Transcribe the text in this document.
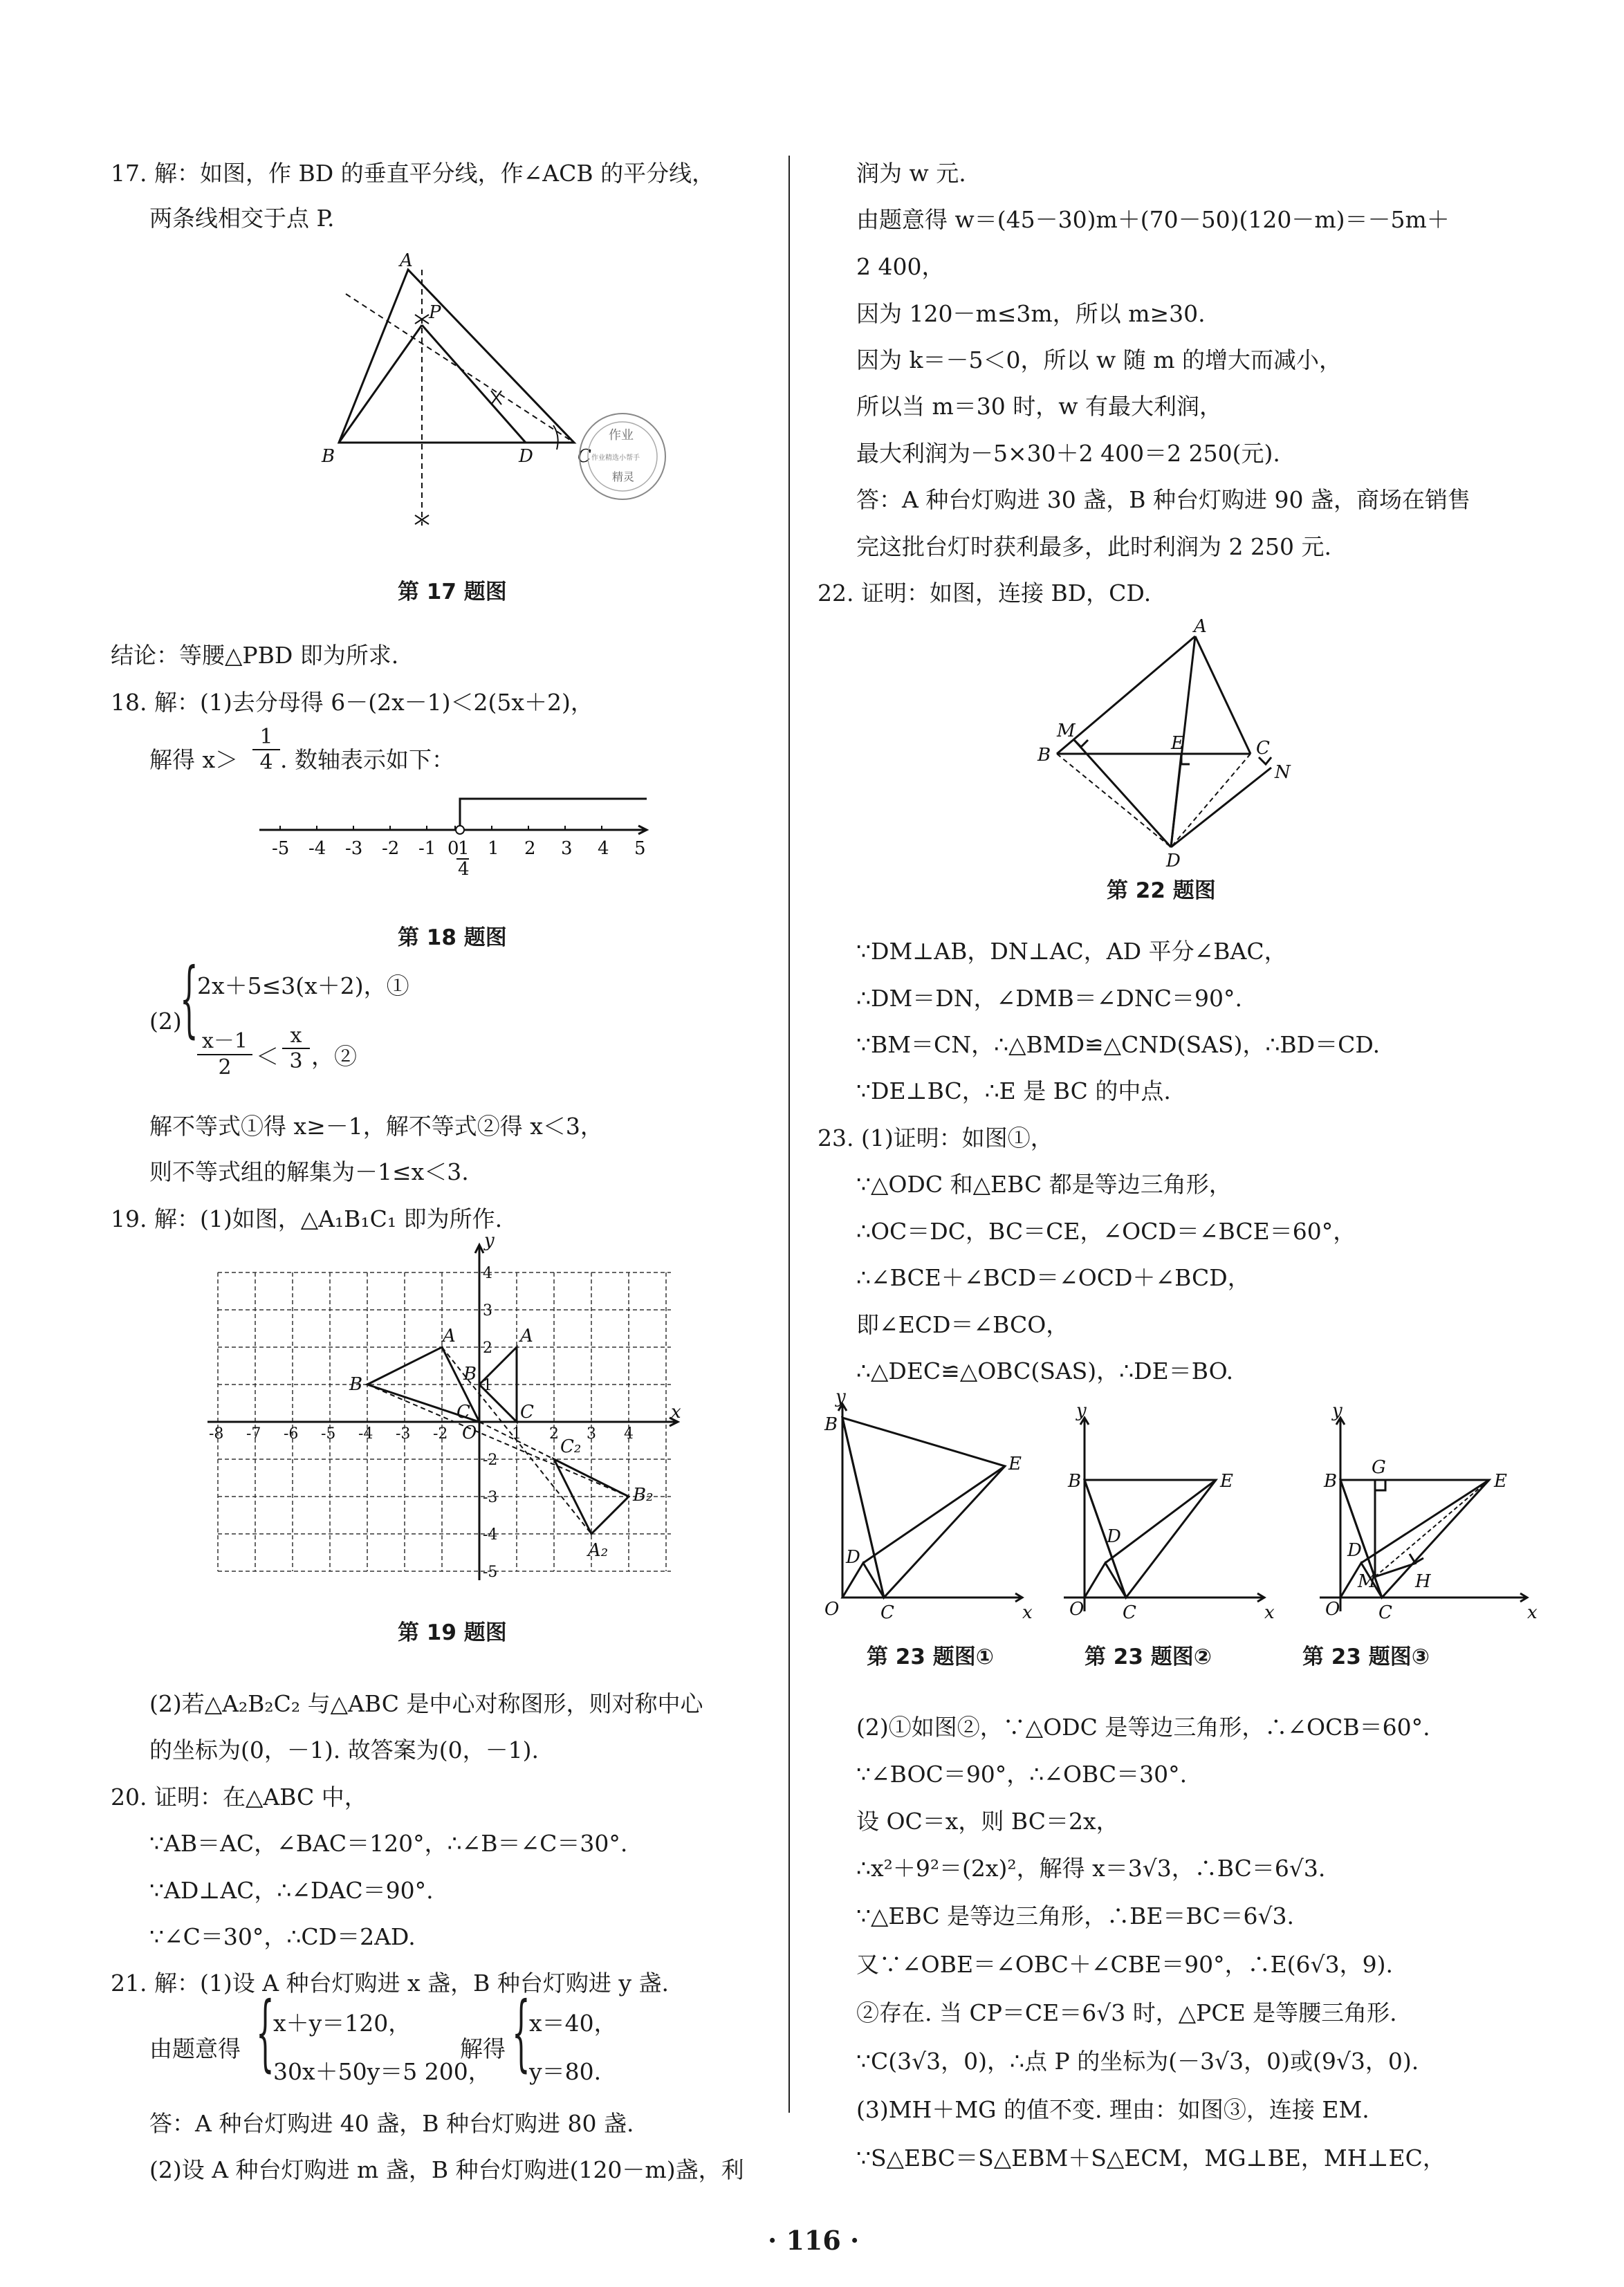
17. 解：如图，作 BD 的垂直平分线，作∠ACB 的平分线，
两条线相交于点 P.
A
B	C
D
P
作业
作业精选小帮手
精灵
第 17 题图
结论：等腰△PBD 即为所求.
18. 解：(1)去分母得 6－(2x－1)＜2(5x＋2)，
解得 $x> \frac{1}{4}$ . 数轴表示如下：
-5 -4 -3 -2 -1 0 1 2 3 4 5
1
4
第 18 题图
(2)
{
2x＋5≤3(x＋2)，①
$\frac{x-1}{2} < \frac{x}{3}$ ，②
解不等式①得 x≥－1，解不等式②得 x＜3，
则不等式组的解集为－1≤x＜3.
19. 解：(1)如图，△A₁B₁C₁ 即为所作.
y
x
O
A
B
C
A
B
C
A₂
B₂
C₂
-8 -7 -6 -5 -4 -3 -2	1 2 3 4
4
3
2
1
-2
-3
-4
-5
第 19 题图
(2)若△A₂B₂C₂ 与△ABC 是中心对称图形，则对称中心
的坐标为(0，－1). 故答案为(0，－1).
20. 证明：在△ABC 中，
∵AB＝AC，∠BAC＝120°，∴∠B＝∠C＝30°.
∵AD⊥AC，∴∠DAC＝90°.
∵∠C＝30°，∴CD＝2AD.
21. 解：(1)设 A 种台灯购进 x 盏，B 种台灯购进 y 盏.
由题意得 {
x＋y＝120，
30x＋50y＝5 200，
解得 {
x＝40，
y＝80.
答：A 种台灯购进 40 盏，B 种台灯购进 80 盏.
(2)设 A 种台灯购进 m 盏，B 种台灯购进(120－m)盏，利
润为 w 元.
由题意得 w＝(45－30)m＋(70－50)(120－m)＝－5m＋
2 400，
因为 120－m≤3m，所以 m≥30.
因为 k＝－5＜0，所以 w 随 m 的增大而减小，
所以当 m＝30 时，w 有最大利润，
最大利润为－5×30＋2 400＝2 250(元).
答：A 种台灯购进 30 盏，B 种台灯购进 90 盏，商场在销售
完这批台灯时获利最多，此时利润为 2 250 元.
22. 证明：如图，连接 BD，CD.
A
B	C
D
E
M
N
第 22 题图
∵DM⊥AB，DN⊥AC，AD 平分∠BAC，
∴DM＝DN，∠DMB＝∠DNC＝90°.
∵BM＝CN，∴△BMD≌△CND(SAS)，∴BD＝CD.
∵DE⊥BC，∴E 是 BC 的中点.
23. (1)证明：如图①，
∵△ODC 和△EBC 都是等边三角形，
∴OC＝DC，BC＝CE，∠OCD＝∠BCE＝60°，
∴∠BCE＋∠BCD＝∠OCD＋∠BCD，
即∠ECD＝∠BCO，
∴△DEC≌△OBC(SAS)，∴DE＝BO.
O
B
C
D
E
y
x O
B
C
D
E
y
x	O
B
C
D
E
G
M H
y
x
第 23 题图①	第 23 题图②	第 23 题图③
(2)①如图②，∵△ODC 是等边三角形，∴∠OCB＝60°.
∵∠BOC＝90°，∴∠OBC＝30°.
设 OC＝x，则 BC＝2x，
∴x²＋9²＝(2x)²，解得 x＝3√3，∴BC＝6√3.
∵△EBC 是等边三角形，∴BE＝BC＝6√3.
又∵∠OBE＝∠OBC＋∠CBE＝90°，∴E(6√3，9).
②存在. 当 CP＝CE＝6√3 时，△PCE 是等腰三角形.
∵C(3√3，0)，∴点 P 的坐标为(－3√3，0)或(9√3，0).
(3)MH＋MG 的值不变. 理由：如图③，连接 EM.
∵S△EBC＝S△EBM＋S△ECM，MG⊥BE，MH⊥EC，
· 116 ·
